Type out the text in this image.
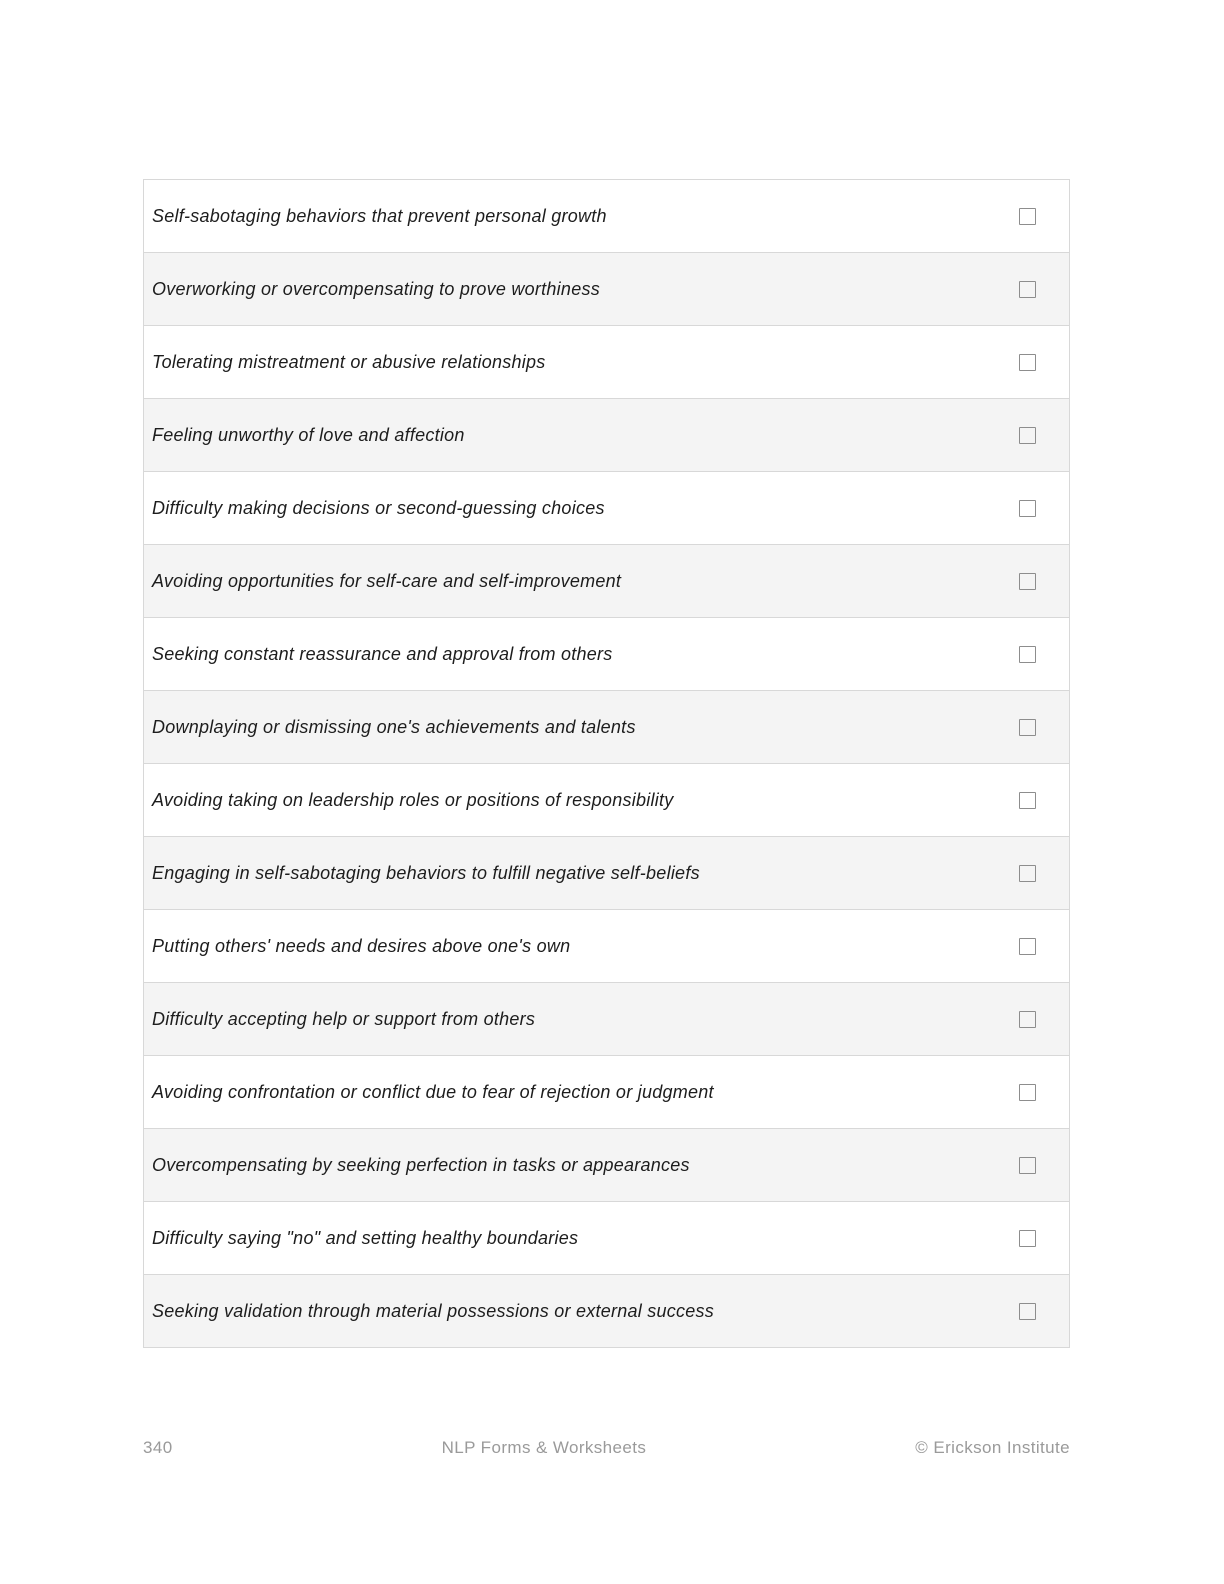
Self-sabotaging behaviors that prevent personal growth
Overworking or overcompensating to prove worthiness
Tolerating mistreatment or abusive relationships
Feeling unworthy of love and affection
Difficulty making decisions or second-guessing choices
Avoiding opportunities for self-care and self-improvement
Seeking constant reassurance and approval from others
Downplaying or dismissing one's achievements and talents
Avoiding taking on leadership roles or positions of responsibility
Engaging in self-sabotaging behaviors to fulfill negative self-beliefs
Putting others' needs and desires above one's own
Difficulty accepting help or support from others
Avoiding confrontation or conflict due to fear of rejection or judgment
Overcompensating by seeking perfection in tasks or appearances
Difficulty saying "no" and setting healthy boundaries
Seeking validation through material possessions or external success
340	NLP Forms & Worksheets	© Erickson Institute
